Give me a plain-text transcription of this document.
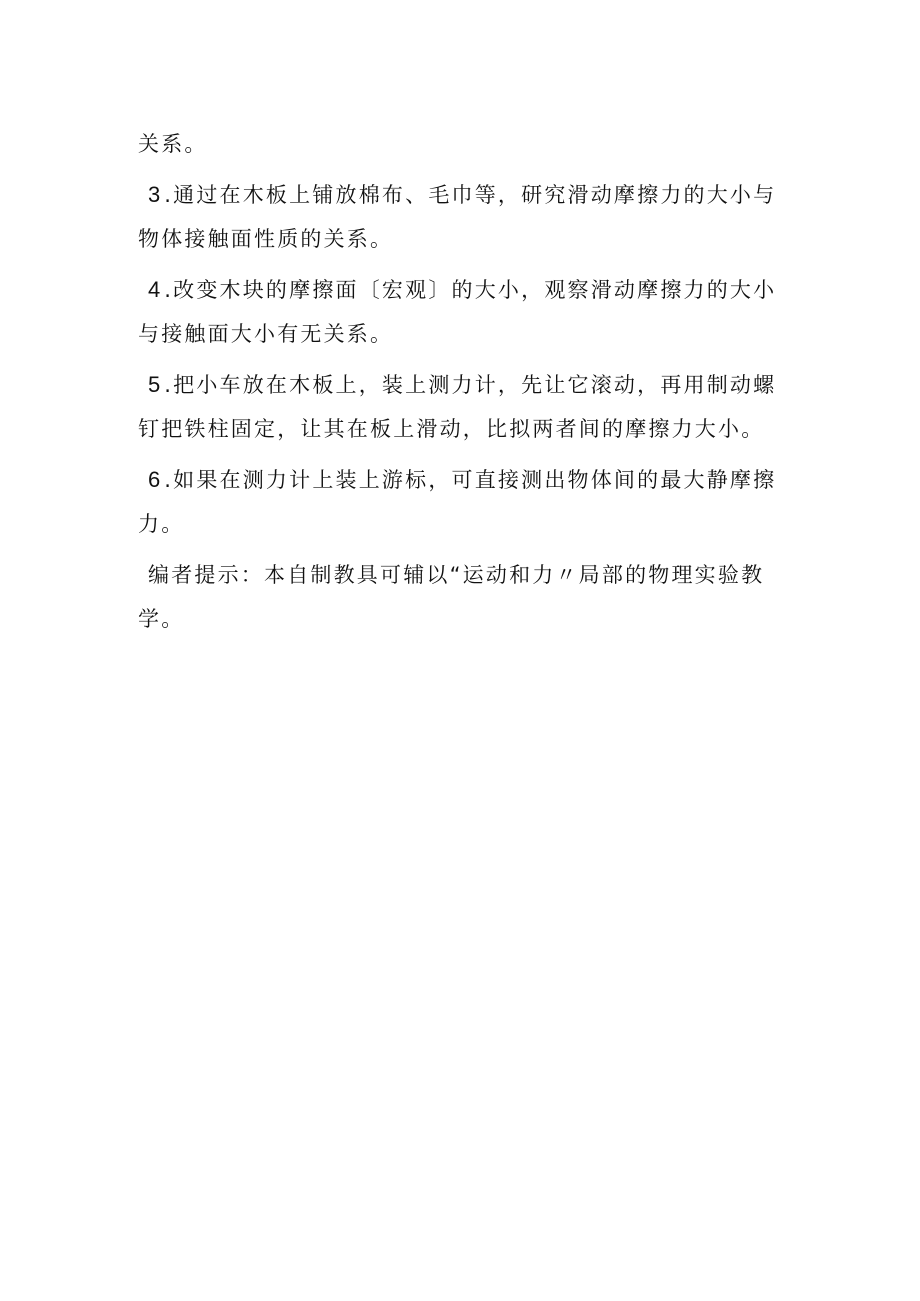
关系。

3 .通过在木板上铺放棉布、毛巾等，研究滑动摩擦力的大小与物体接触面性质的关系。

4 .改变木块的摩擦面〔宏观〕的大小，观察滑动摩擦力的大小与接触面大小有无关系。

5 .把小车放在木板上，装上测力计，先让它滚动，再用制动螺钉把铁柱固定，让其在板上滑动，比拟两者间的摩擦力大小。

6 .如果在测力计上装上游标，可直接测出物体间的最大静摩擦力。

编者提示：本自制教具可辅以“运动和力〃局部的物理实验教学。
